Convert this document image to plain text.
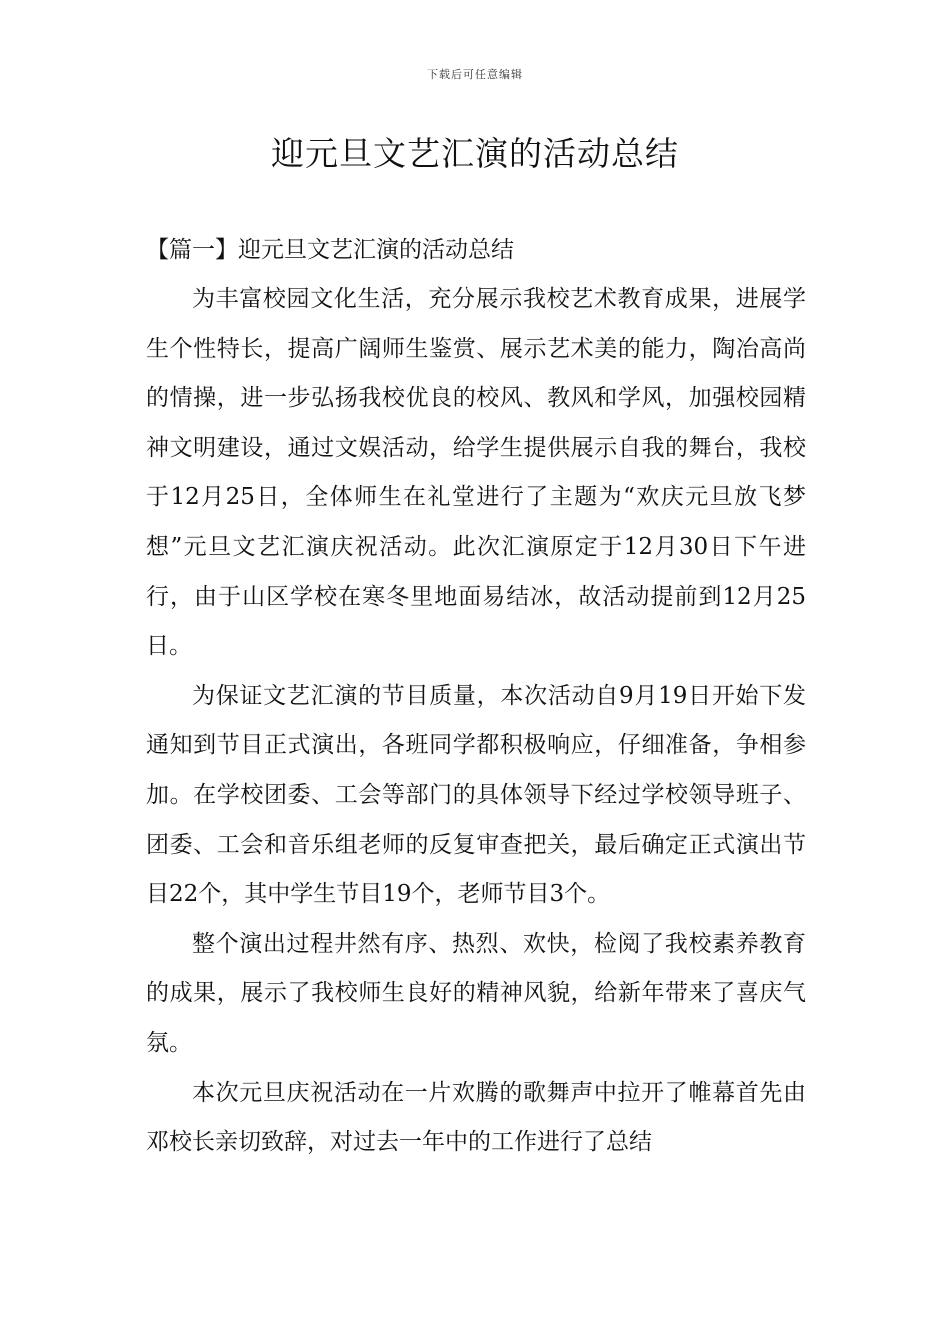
下载后可任意编辑
迎元旦文艺汇演的活动总结

【篇一】迎元旦文艺汇演的活动总结

为丰富校园文化生活，充分展示我校艺术教育成果，进展学生个性特长，提高广阔师生鉴赏、展示艺术美的能力，陶冶高尚的情操，进一步弘扬我校优良的校风、教风和学风，加强校园精神文明建设，通过文娱活动，给学生提供展示自我的舞台，我校于12月25日，全体师生在礼堂进行了主题为“欢庆元旦放飞梦想”元旦文艺汇演庆祝活动。此次汇演原定于12月30日下午进行，由于山区学校在寒冬里地面易结冰，故活动提前到12月25日。

为保证文艺汇演的节目质量，本次活动自9月19日开始下发通知到节目正式演出，各班同学都积极响应，仔细准备，争相参加。在学校团委、工会等部门的具体领导下经过学校领导班子、团委、工会和音乐组老师的反复审查把关，最后确定正式演出节目22个，其中学生节目19个，老师节目3个。

整个演出过程井然有序、热烈、欢快，检阅了我校素养教育的成果，展示了我校师生良好的精神风貌，给新年带来了喜庆气氛。

本次元旦庆祝活动在一片欢腾的歌舞声中拉开了帷幕首先由邓校长亲切致辞，对过去一年中的工作进行了总结
